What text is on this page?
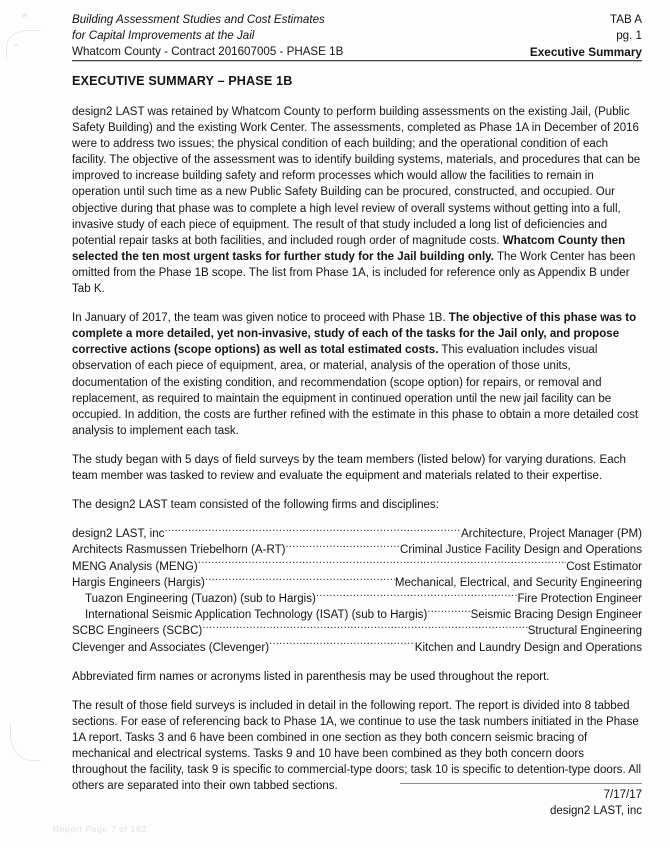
Building Assessment Studies and Cost Estimates
for Capital Improvements at the Jail
Whatcom County - Contract 201607005 - PHASE 1B
TAB A
pg. 1
Executive Summary
EXECUTIVE SUMMARY – PHASE 1B

design2 LAST was retained by Whatcom County to perform building assessments on the existing Jail, (Public Safety Building) and the existing Work Center. The assessments, completed as Phase 1A in December of 2016 were to address two issues; the physical condition of each building; and the operational condition of each facility. The objective of the assessment was to identify building systems, materials, and procedures that can be improved to increase building safety and reform processes which would allow the facilities to remain in operation until such time as a new Public Safety Building can be procured, constructed, and occupied. Our objective during that phase was to complete a high level review of overall systems without getting into a full, invasive study of each piece of equipment. The result of that study included a long list of deficiencies and potential repair tasks at both facilities, and included rough order of magnitude costs. Whatcom County then selected the ten most urgent tasks for further study for the Jail building only. The Work Center has been omitted from the Phase 1B scope. The list from Phase 1A, is included for reference only as Appendix B under Tab K.

In January of 2017, the team was given notice to proceed with Phase 1B. The objective of this phase was to complete a more detailed, yet non-invasive, study of each of the tasks for the Jail only, and propose corrective actions (scope options) as well as total estimated costs. This evaluation includes visual observation of each piece of equipment, area, or material, analysis of the operation of those units, documentation of the existing condition, and recommendation (scope option) for repairs, or removal and replacement, as required to maintain the equipment in continued operation until the new jail facility can be occupied. In addition, the costs are further refined with the estimate in this phase to obtain a more detailed cost analysis to implement each task.

The study began with 5 days of field surveys by the team members (listed below) for varying durations. Each team member was tasked to review and evaluate the equipment and materials related to their expertise.

The design2 LAST team consisted of the following firms and disciplines:

design2 LAST, inc .....	Architecture, Project Manager (PM)
Architects Rasmussen Triebelhorn (A-RT) .....	Criminal Justice Facility Design and Operations
MENG Analysis (MENG) .....	Cost Estimator
Hargis Engineers (Hargis) .....	Mechanical, Electrical, and Security Engineering
Tuazon Engineering (Tuazon) (sub to Hargis) .....	Fire Protection Engineer
International Seismic Application Technology (ISAT) (sub to Hargis) .....	Seismic Bracing Design Engineer
SCBC Engineers (SCBC) .....	Structural Engineering
Clevenger and Associates (Clevenger) .....	Kitchen and Laundry Design and Operations

Abbreviated firm names or acronyms listed in parenthesis may be used throughout the report.

The result of those field surveys is included in detail in the following report. The report is divided into 8 tabbed sections. For ease of referencing back to Phase 1A, we continue to use the task numbers initiated in the Phase 1A report. Tasks 3 and 6 have been combined in one section as they both concern seismic bracing of mechanical and electrical systems. Tasks 9 and 10 have been combined as they both concern doors throughout the facility, task 9 is specific to commercial-type doors; task 10 is specific to detention-type doors. All others are separated into their own tabbed sections.

7/17/17
design2 LAST, inc
Report Page 7 of 182
